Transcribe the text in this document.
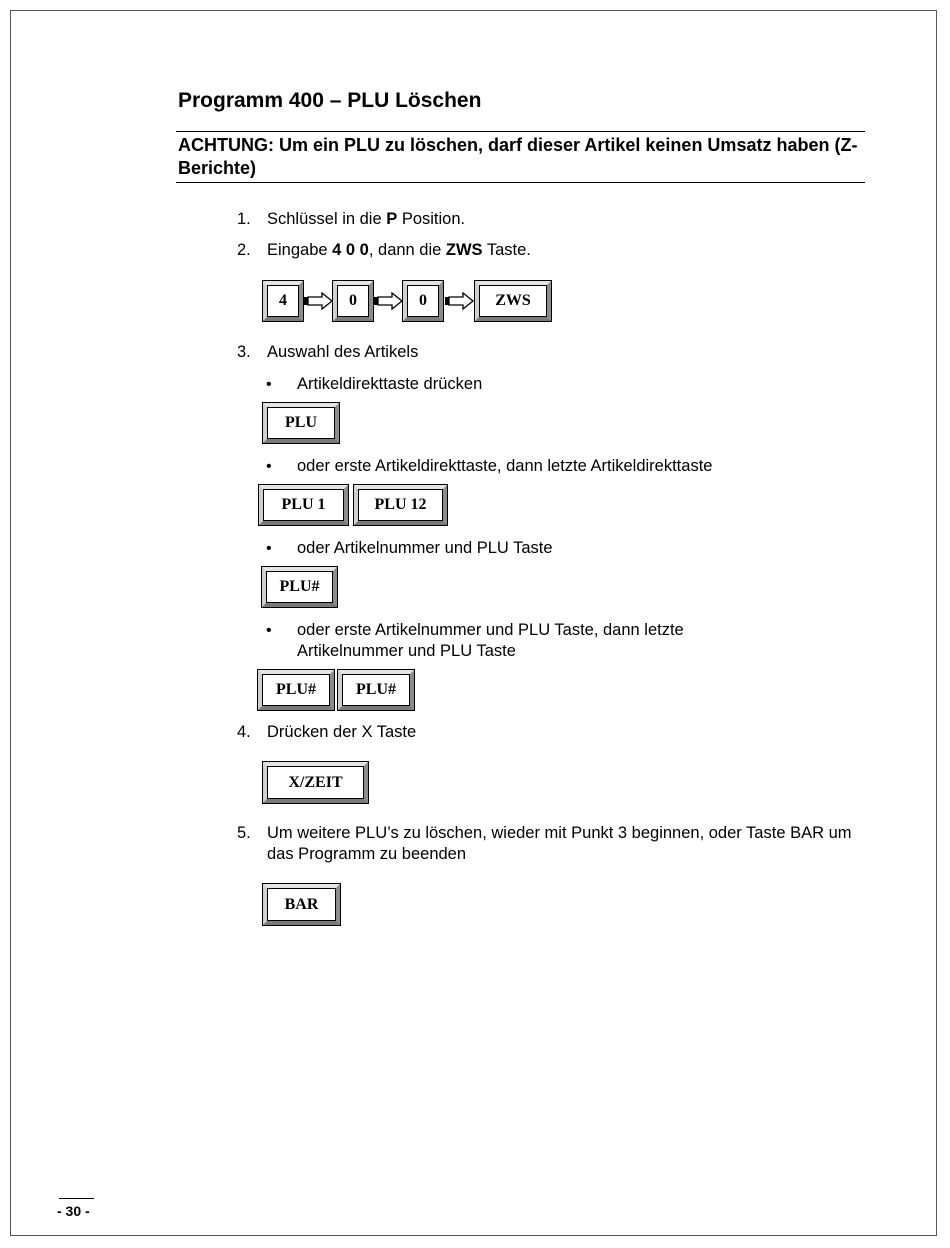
Programm 400 – PLU Löschen
ACHTUNG: Um ein PLU zu löschen, darf dieser Artikel keinen Umsatz haben (Z-Berichte)
1. Schlüssel in die P Position.
2. Eingabe 4 0 0, dann die ZWS Taste.
4	0	0	ZWS
3. Auswahl des Artikels
• Artikeldirekttaste drücken
PLU
• oder erste Artikeldirekttaste, dann letzte Artikeldirekttaste
PLU 1	PLU 12
• oder Artikelnummer und PLU Taste
PLU#
• oder erste Artikelnummer und PLU Taste, dann letzte Artikelnummer und PLU Taste
PLU#	PLU#
4. Drücken der X Taste
X/ZEIT
5. Um weitere PLU’s zu löschen, wieder mit Punkt 3 beginnen, oder Taste BAR um das Programm zu beenden
BAR
- 30 -
